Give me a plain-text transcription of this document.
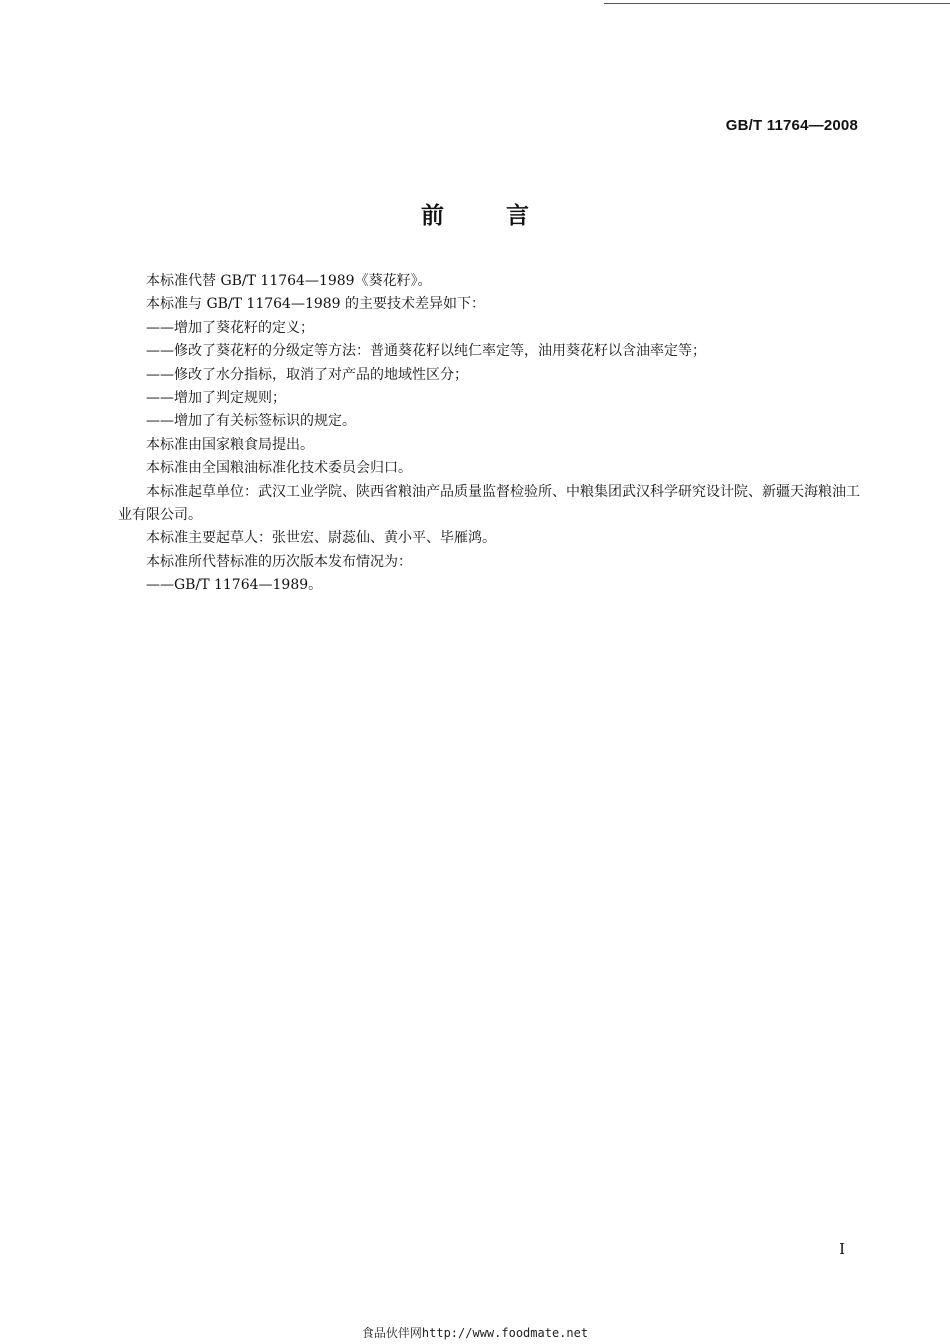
GB/T 11764—2008
前言

本标准代替 GB/T 11764—1989《葵花籽》。

本标准与 GB/T 11764—1989 的主要技术差异如下：

——增加了葵花籽的定义；

——修改了葵花籽的分级定等方法：普通葵花籽以纯仁率定等，油用葵花籽以含油率定等；

——修改了水分指标，取消了对产品的地域性区分；

——增加了判定规则；

——增加了有关标签标识的规定。

本标准由国家粮食局提出。

本标准由全国粮油标准化技术委员会归口。

本标准起草单位：武汉工业学院、陕西省粮油产品质量监督检验所、中粮集团武汉科学研究设计院、新疆天海粮油工业有限公司。

本标准主要起草人：张世宏、尉蕊仙、黄小平、毕雁鸿。

本标准所代替标准的历次版本发布情况为：

——GB/T 11764—1989。

I
食品伙伴网http://www.foodmate.net
